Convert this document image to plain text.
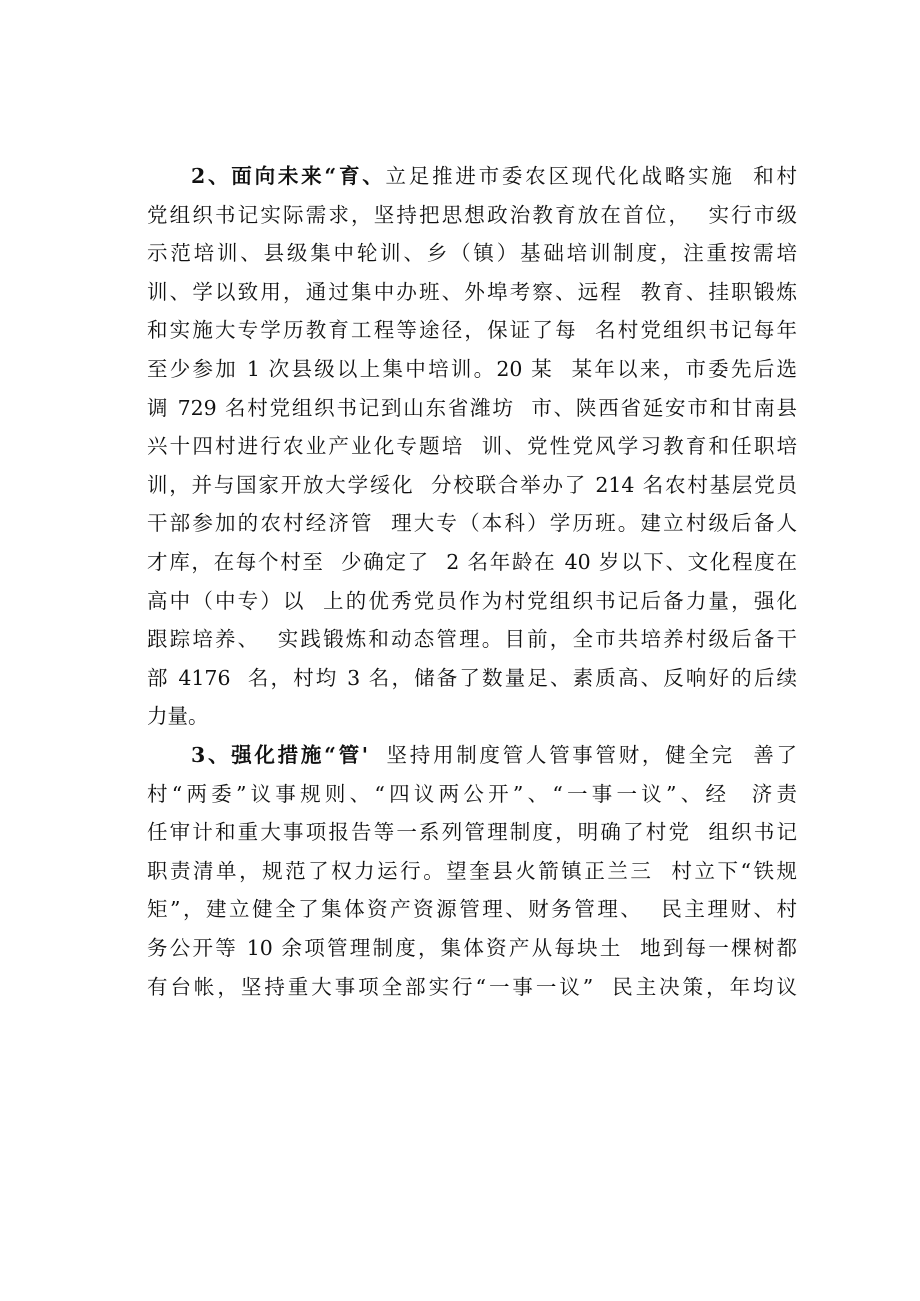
2、面向未来“育、立足推进市委农区现代化战略实施  和村
党组织书记实际需求，坚持把思想政治教育放在首位，  实行市级
示范培训、县级集中轮训、乡（镇）基础培训制度，注重按需培
训、学以致用，通过集中办班、外埠考察、远程  教育、挂职锻炼
和实施大专学历教育工程等途径，保证了每  名村党组织书记每年
至少参加 1 次县级以上集中培训。20 某  某年以来，市委先后选
调 729 名村党组织书记到山东省潍坊  市、陕西省延安市和甘南县
兴十四村进行农业产业化专题培  训、党性党风学习教育和任职培
训，并与国家开放大学绥化  分校联合举办了 214 名农村基层党员
干部参加的农村经济管  理大专（本科）学历班。建立村级后备人
才库，在每个村至  少确定了  2 名年龄在 40 岁以下、文化程度在
高中（中专）以  上的优秀党员作为村党组织书记后备力量，强化
跟踪培养、  实践锻炼和动态管理。目前，全市共培养村级后备干
部 4176  名，村均 3 名，储备了数量足、素质高、反响好的后续
力量。
3、强化措施“管'  坚持用制度管人管事管财，健全完  善了
村“两委”议事规则、“四议两公开”、“一事一议”、经  济责
任审计和重大事项报告等一系列管理制度，明确了村党  组织书记
职责清单，规范了权力运行。望奎县火箭镇正兰三  村立下“铁规
矩”，建立健全了集体资产资源管理、财务管理、  民主理财、村
务公开等 10 余项管理制度，集体资产从每块土  地到每一棵树都
有台帐，坚持重大事项全部实行“一事一议”  民主决策，年均议
